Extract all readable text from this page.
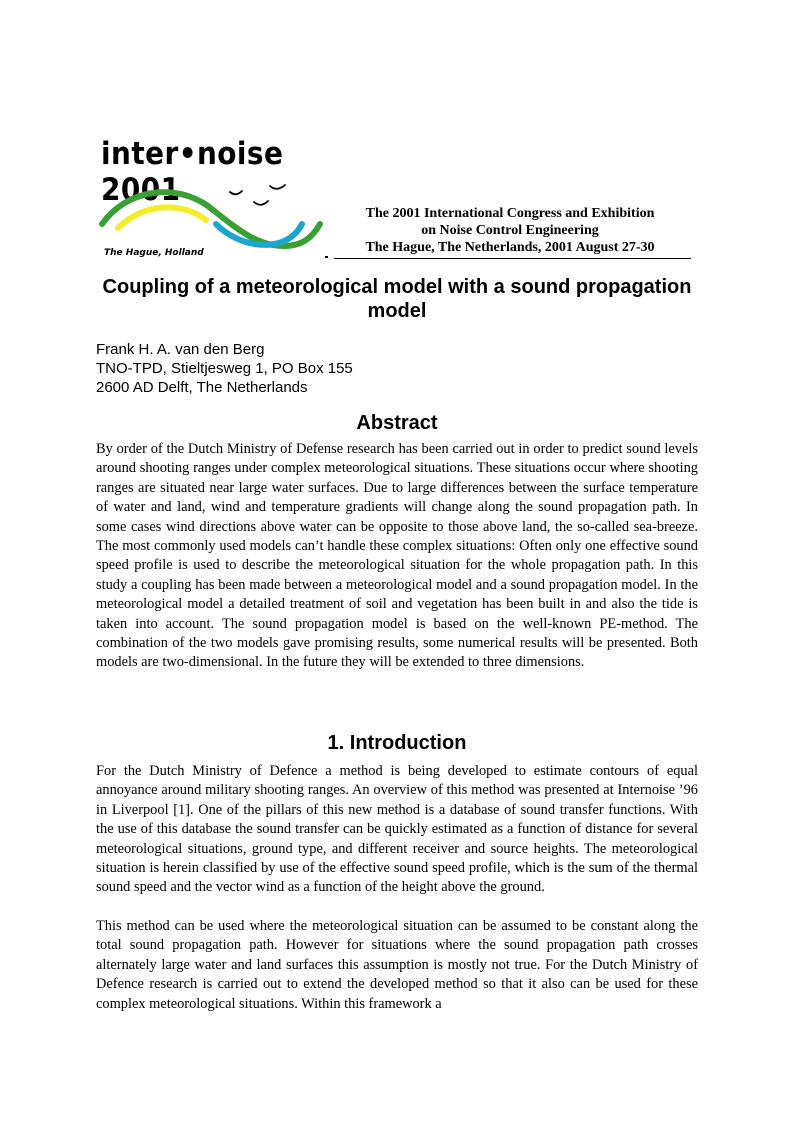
inter•noise 2001
The Hague, Holland
The 2001 International Congress and Exhibition
on Noise Control Engineering
The Hague, The Netherlands, 2001 August 27-30
Coupling of a meteorological model with a sound propagation model
Frank H. A. van den Berg
TNO-TPD, Stieltjesweg 1, PO Box 155
2600 AD Delft, The Netherlands
Abstract

By order of the Dutch Ministry of Defense research has been carried out in order to predict sound levels around shooting ranges under complex meteorological situations. These situations occur where shooting ranges are situated near large water surfaces. Due to large differences between the surface temperature of water and land, wind and temperature gradients will change along the sound propagation path. In some cases wind directions above water can be opposite to those above land, the so-called sea-breeze. The most commonly used models can’t handle these complex situations: Often only one effective sound speed profile is used to describe the meteorological situation for the whole propagation path. In this study a coupling has been made between a meteorological model and a sound propagation model. In the meteorological model a detailed treatment of soil and vegetation has been built in and also the tide is taken into account. The sound propagation model is based on the well-known PE-method. The combination of the two models gave promising results, some numerical results will be presented. Both models are two-dimensional. In the future they will be extended to three dimensions.

1. Introduction

For the Dutch Ministry of Defence a method is being developed to estimate contours of equal annoyance around military shooting ranges. An overview of this method was presented at Internoise ’96 in Liverpool [1]. One of the pillars of this new method is a database of sound transfer functions. With the use of this database the sound transfer can be quickly estimated as a function of distance for several meteorological situations, ground type, and different receiver and source heights. The meteorological situation is herein classified by use of the effective sound speed profile, which is the sum of the thermal sound speed and the vector wind as a function of the height above the ground.

This method can be used where the meteorological situation can be assumed to be constant along the total sound propagation path. However for situations where the sound propagation path crosses alternately large water and land surfaces this assumption is mostly not true. For the Dutch Ministry of Defence research is carried out to extend the developed method so that it also can be used for these complex meteorological situations. Within this framework a
